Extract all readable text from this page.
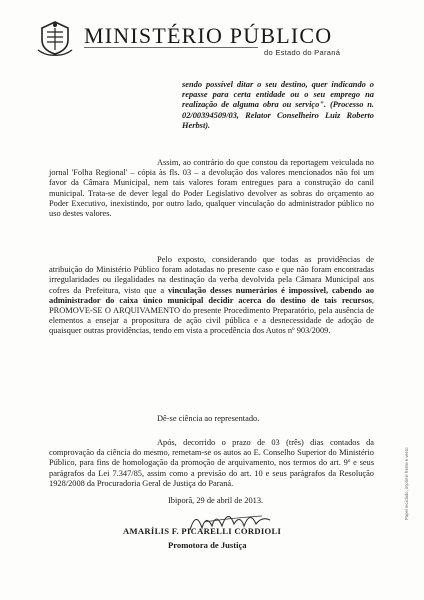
MINISTÉRIO PÚBLICO
do Estado do Paraná

sendo possível ditar o seu destino, quer indicando o repasse para certa entidade ou o seu emprego na realização de alguma obra ou serviço". (Processo n. 02/00394509/03, Relator Conselheiro Luiz Roberto Herbst).

Assim, ao contrário do que constou da reportagem veiculada no jornal 'Folha Regional' – cópia às fls. 03 – a devolução dos valores mencionados não foi um favor da Câmara Municipal, nem tais valores foram entregues para a construção do canil municipal. Trata-se de dever legal do Poder Legislativo devolver as sobras do orçamento ao Poder Executivo, inexistindo, por outro lado, qualquer vinculação do administrador público no uso destes valores.

Pelo exposto, considerando que todas as providências de atribuição do Ministério Público foram adotadas no presente caso e que não foram encontradas irregularidades ou ilegalidades na destinação da verba devolvida pela Câmara Municipal aos cofres da Prefeitura, visto que a vinculação desses numerários é impossível, cabendo ao administrador do caixa único municipal decidir acerca do destino de tais recursos, PROMOVE-SE O ARQUIVAMENTO do presente Procedimento Preparatório, pela ausência de elementos a ensejar a propositura de ação civil pública e a desnecessidade de adoção de quaisquer outras providências, tendo em vista a procedência dos Autos nº 903/2009.

Dê-se ciência ao representado.

Após, decorrido o prazo de 03 (três) dias contados da comprovação da ciência do mesmo, remetam-se os autos ao E. Conselho Superior do Ministério Público, para fins de homologação da promoção de arquivamento, nos termos do art. 9º e seus parágrafos da Lei 7.347/85, assim como a previsão do art. 10 e seus parágrafos da Resolução 1928/2008 da Procuradoria Geral de Justiça do Paraná.

Ibiporã, 29 de abril de 2013.

AMARÍLIS F. PICARELLI CORDIOLI

Promotora de Justiça

Papel reciclado, imprimir frente e verso
